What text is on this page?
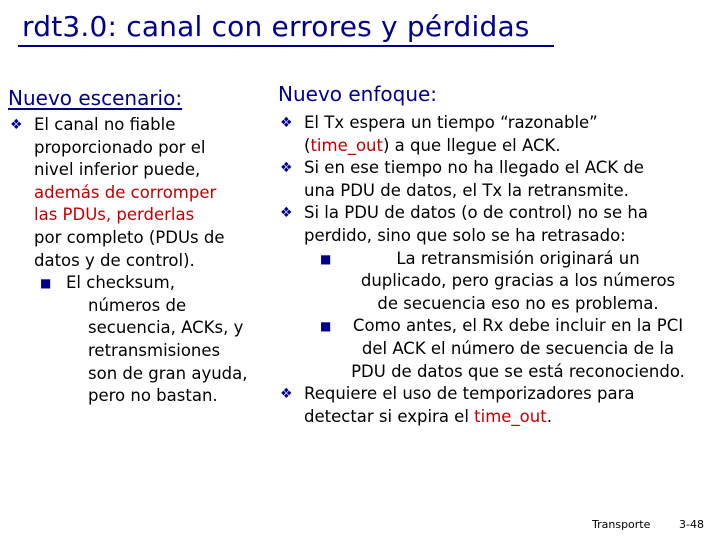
rdt3.0: canal con errores y pérdidas
Nuevo escenario:	Nuevo enfoque:
❖ El canal no fiable
proporcionado por el
nivel inferior puede,
además de corromper
las PDUs, perderlas
por completo (PDUs de
datos y de control).
■ El checksum,
números de
secuencia, ACKs, y
retransmisiones
son de gran ayuda,
pero no bastan.
❖ El Tx espera un tiempo “razonable”
(time_out) a que llegue el ACK.
❖ Si en ese tiempo no ha llegado el ACK de
una PDU de datos, el Tx la retransmite.
❖ Si la PDU de datos (o de control) no se ha
perdido, sino que solo se ha retrasado:
■	La retransmisión originará un
duplicado, pero gracias a los números
de secuencia eso no es problema.
■	Como antes, el Rx debe incluir en la PCI
del ACK el número de secuencia de la
PDU de datos que se está reconociendo.
❖ Requiere el uso de temporizadores para
detectar si expira el time_out.
Transporte	3-48
